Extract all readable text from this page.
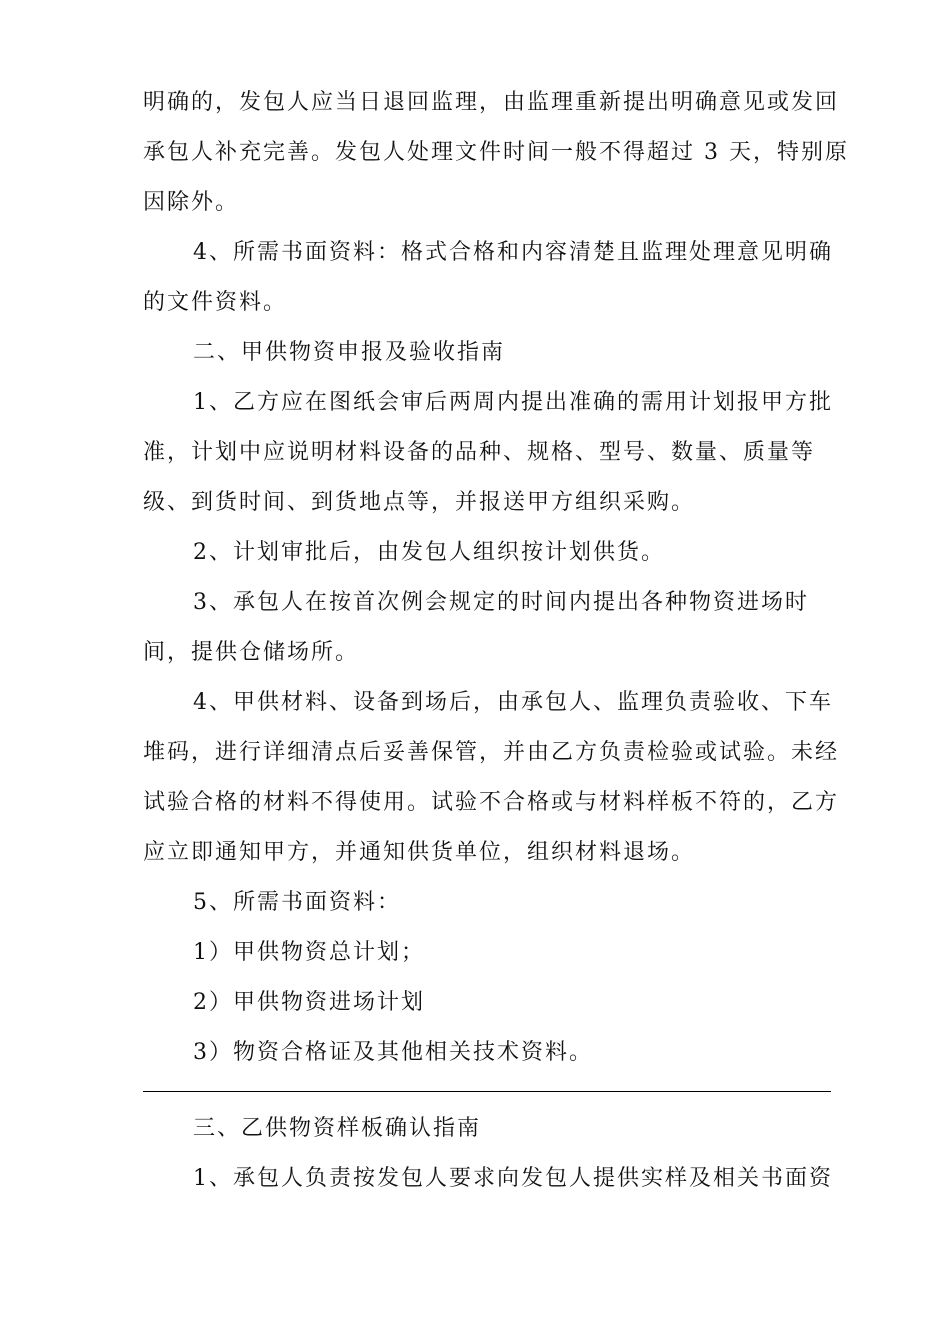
明确的，发包人应当日退回监理，由监理重新提出明确意见或发回
承包人补充完善。发包人处理文件时间一般不得超过 3 天，特别原
因除外。

4、所需书面资料：格式合格和内容清楚且监理处理意见明确
的文件资料。

二、甲供物资申报及验收指南

1、乙方应在图纸会审后两周内提出准确的需用计划报甲方批
准，计划中应说明材料设备的品种、规格、型号、数量、质量等
级、到货时间、到货地点等，并报送甲方组织采购。

2、计划审批后，由发包人组织按计划供货。

3、承包人在按首次例会规定的时间内提出各种物资进场时
间，提供仓储场所。

4、甲供材料、设备到场后，由承包人、监理负责验收、下车
堆码，进行详细清点后妥善保管，并由乙方负责检验或试验。未经
试验合格的材料不得使用。试验不合格或与材料样板不符的，乙方
应立即通知甲方，并通知供货单位，组织材料退场。

5、所需书面资料：

1）甲供物资总计划；

2）甲供物资进场计划

3）物资合格证及其他相关技术资料。

三、乙供物资样板确认指南

1、承包人负责按发包人要求向发包人提供实样及相关书面资
